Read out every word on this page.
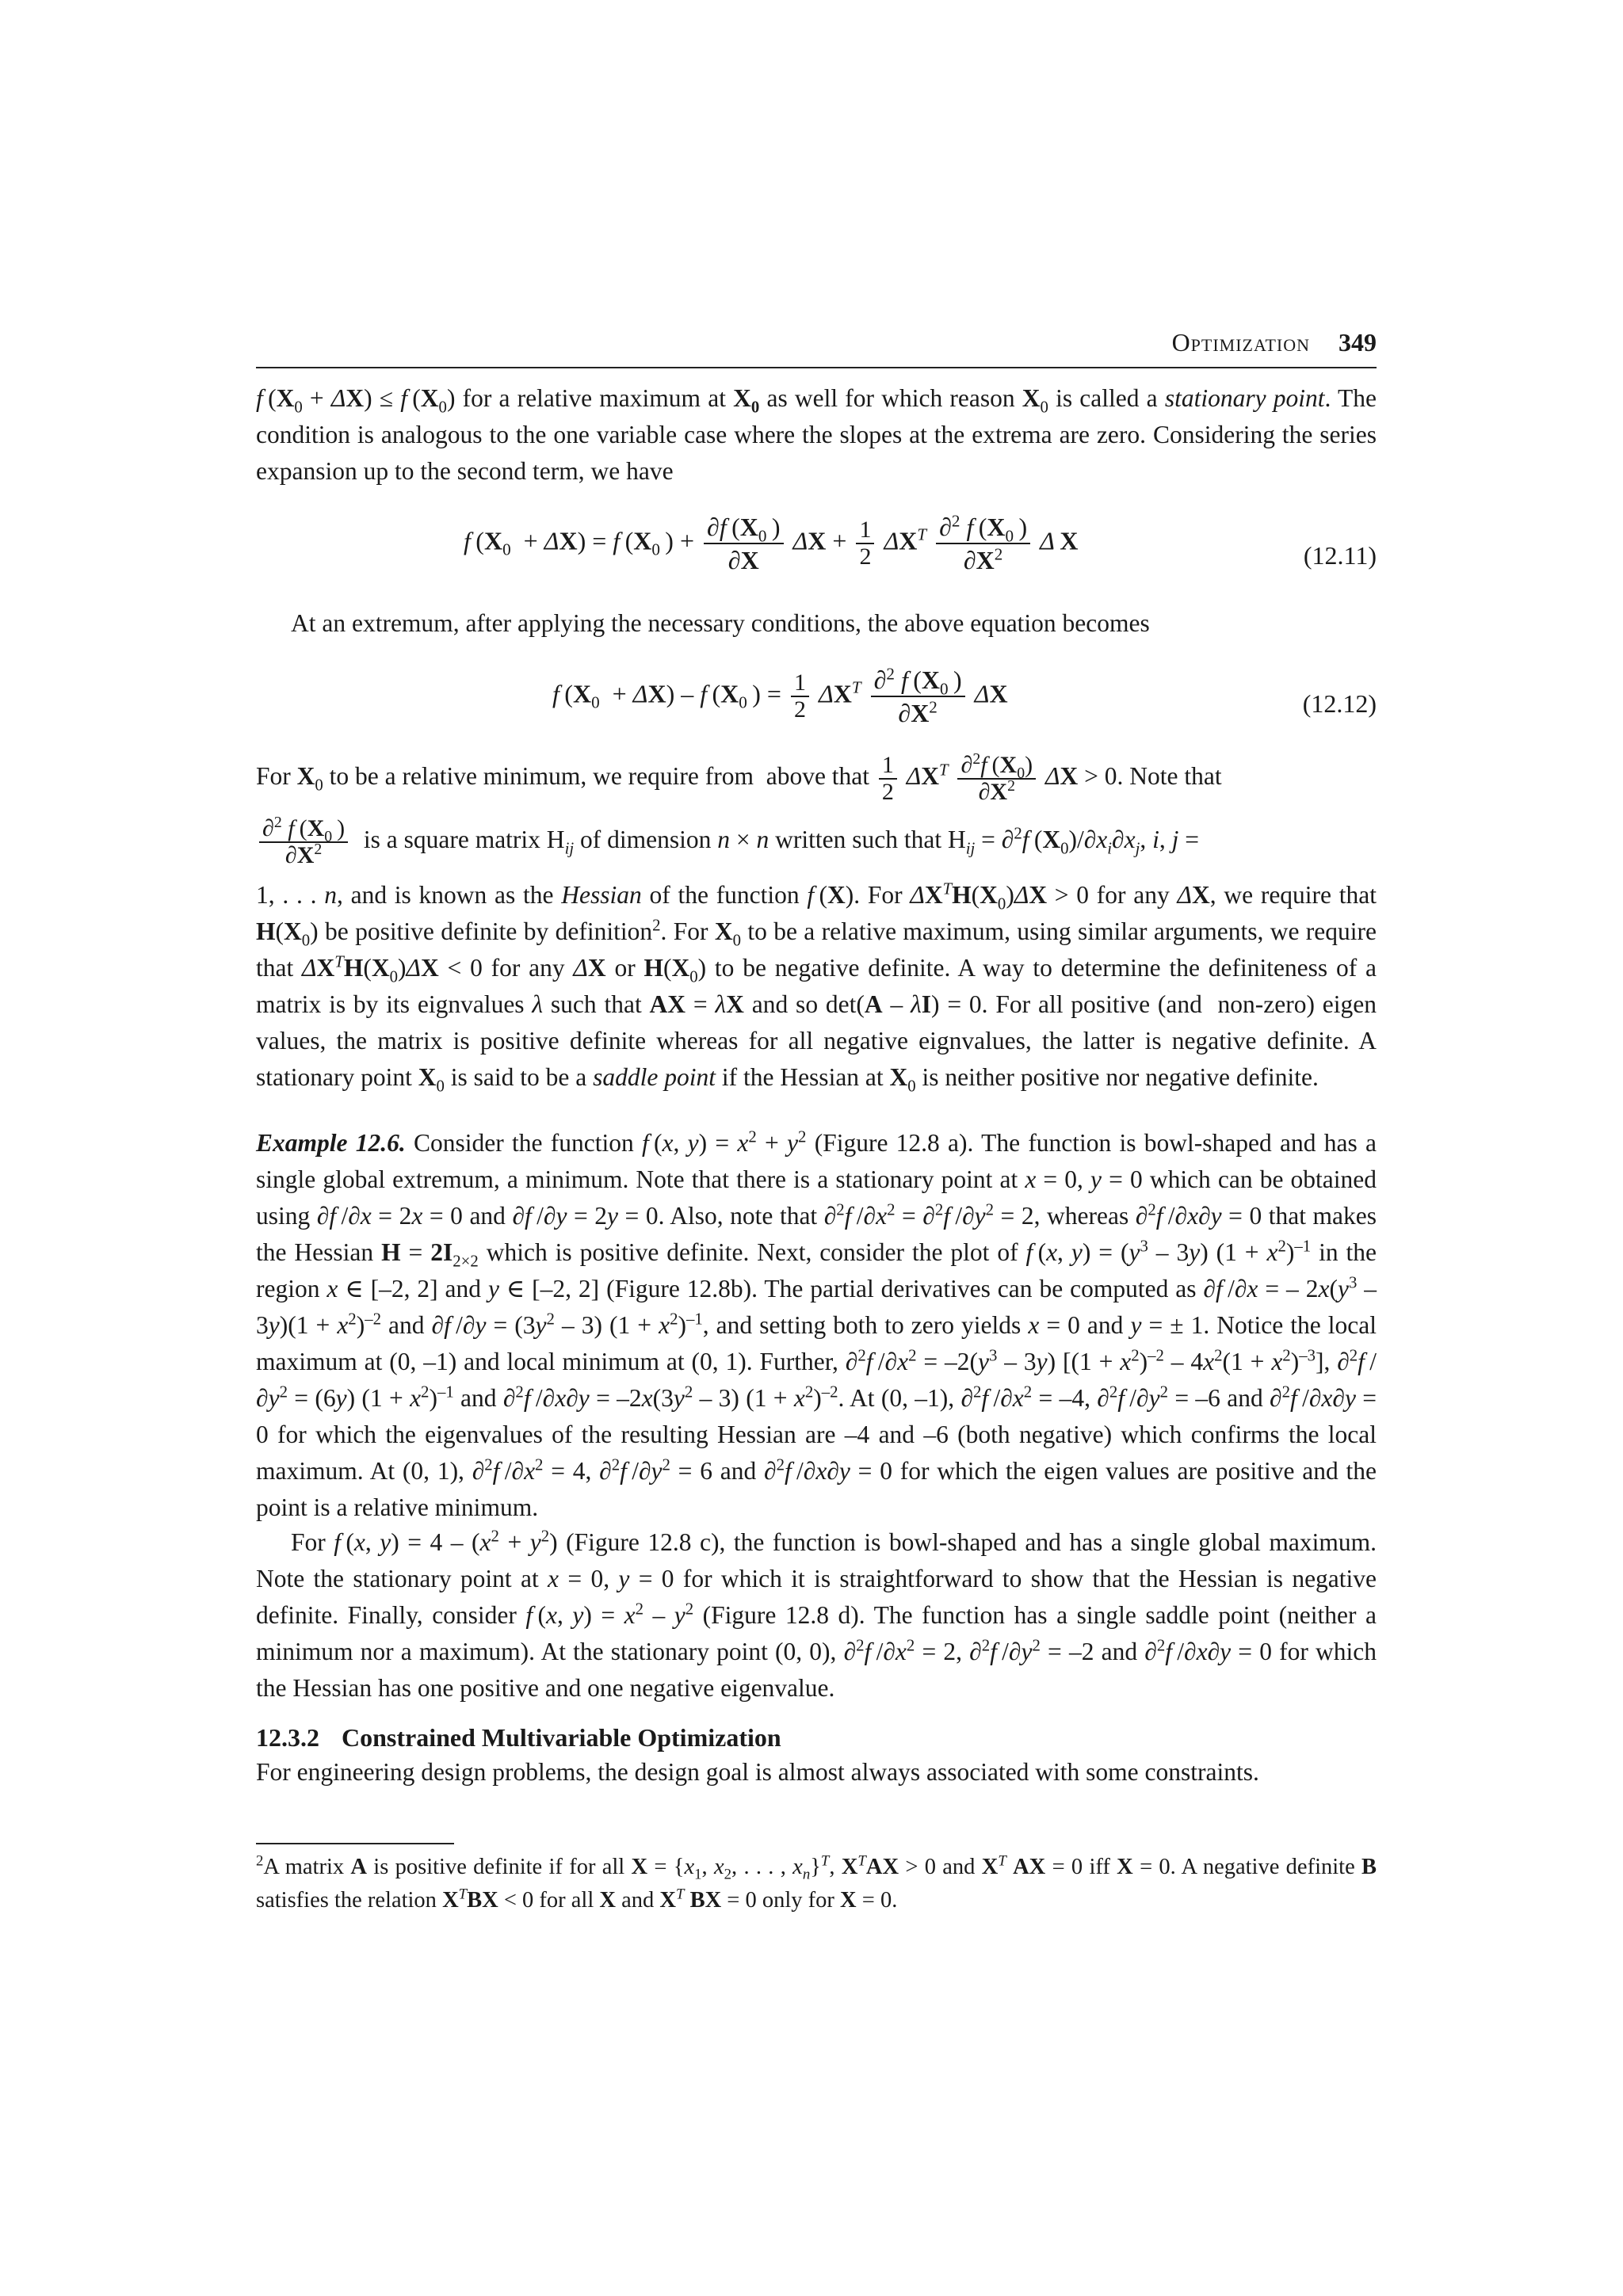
Optimization 349
f $(X_0 + \Delta X) \le f$ $(X_0)$ for a relative maximum at $X_0$ as well for which reason $X_0$ is called a stationary point. The condition is analogous to the one variable case where the slopes at the extrema are zero. Considering the series expansion up to the second term, we have
f $(X_0 + \Delta X) = f$ ($X_0$ ) + $\frac{\partial f (X_0 )}{\partial X}$ $\Delta X + \frac{1}{2} \Delta X^T \frac{\partial^2 f (X_0 )}{\partial X^2}$ Δ  X
(12.11)
At an extremum, after applying the necessary conditions, the above equation becomes
f $(X_0 + \Delta X) - f$ ($X_0$ ) = $\frac{1}{2} \Delta X^T \frac{\partial^2 f (X_0 )}{\partial X^2}$ ΔX	(12.12)
For $X_0$ to be a relative minimum, we require from  above that $\frac{1}{2} \Delta X^T \frac{\partial^2f (X_0)}{\partial X^2}$ ΔX > 0. Note that
$\frac{\partial^2 f (X_0 )}{\partial X^2}$ is a square matrix $H_{ij}$ of dimension n × n written such that $H_{ij} = \partial^2f$ $(X_0)/\partial x_i\partial x_j$, i, j =
1, . . . n, and is known as the Hessian of the function f (X). For $\Delta X^TH(X_0)\Delta X > 0$ for any ΔX, we require that $H(X_0)$ be positive definite by definition$^2$. For $X_0$ to be a relative maximum, using similar arguments, we require that $\Delta X^TH(X_0)\Delta X < 0$ for any ΔX or $H(X_0)$ to be negative definite. A way to determine the definiteness of a matrix is by its eignvalues λ such that AX = λX and so det(A – λI) = 0. For all positive (and  non-zero) eigen values, the matrix is positive definite whereas for all negative eignvalues, the latter is negative definite. A stationary point $X_0$ is said to be a saddle point if the Hessian at $X_0$ is neither positive nor negative definite.
Example 12.6. Consider the function f (x, $y) = x^2 + y^2$ (Figure 12.8 a). The function is bowl-shaped and has a single global extremum, a minimum. Note that there is a stationary point at x = 0, y = 0 which can be obtained using ∂f /∂x = 2x = 0 and ∂f /∂y = 2y = 0. Also, note that ∂$^2$f $/\partial x^2 = \partial^2f$ $/\partial y^2 = 2$, whereas ∂$^2$f /∂x∂y = 0 that makes the Hessian $H = 2I_{2\times 2}$ which is positive definite. Next, consider the plot of f (x, $y) = (y^3 - 3y) (1 + x^2)^{-1}$ in the region x ∈ [–2, 2] and y ∈ [–2, 2] (Figure 12.8b). The partial derivatives can be computed as ∂f /∂x = – $2x(y^3 - 3y)(1 + x^2)^{-2}$ and ∂f $/\partial y = (3y^2 - 3) (1 + x^2)^{-1}$, and setting both to zero yields x = 0 and y = ± 1. Notice the local maximum at (0, –1) and local minimum at (0, 1). Further, ∂$^2$f $/\partial x^2 = -2(y^3 - 3y) [(1 + x^2)^{-2} - 4x^2(1 + x^2)^{-3}]$, ∂$^2$f $/\partial y^2 = (6y) (1 + x^2)^{-1}$ and ∂$^2$f $/\partial x\partial y = -2x(3y^2 - 3) (1 + x^2)^{-2}$. At (0, –1), ∂$^2$f $/\partial x^2 = -4$, ∂$^2$f $/\partial y^2 = -6$ and ∂$^2$f /∂x∂y = 0 for which the eigenvalues of the resulting Hessian are –4 and –6 (both negative) which confirms the local maximum. At (0, 1), ∂$^2$f $/\partial x^2 = 4$, ∂$^2$f $/\partial y^2 = 6$ and ∂$^2$f /∂x∂y = 0 for which the eigen values are positive and the point is a relative minimum.
For f (x, $y) = 4 - (x^2 + y^2)$ (Figure 12.8 c), the function is bowl-shaped and has a single global maximum. Note the stationary point at x = 0, y = 0 for which it is straightforward to show that the Hessian is negative definite. Finally, consider f (x, $y) = x^2 - y^2$ (Figure 12.8 d). The function has a single saddle point (neither a minimum nor a maximum). At the stationary point (0, 0), ∂$^2$f $/\partial x^2 = 2$, ∂$^2$f $/\partial y^2 = -2$ and ∂$^2$f /∂x∂y = 0 for which the Hessian has one positive and one negative eigenvalue.
12.3.2 Constrained Multivariable Optimization
For engineering design problems, the design goal is almost always associated with some constraints.
$^2$A matrix A is positive definite if for all $X = \{x_1$, $x_2$, . . . , $x_n\}^T$, $X^TAX > 0$ and $X^T$ AX = 0 iff X = 0. A negative definite B satisfies the relation $X^TBX < 0$ for all X and $X^T$ BX = 0 only for X = 0.
